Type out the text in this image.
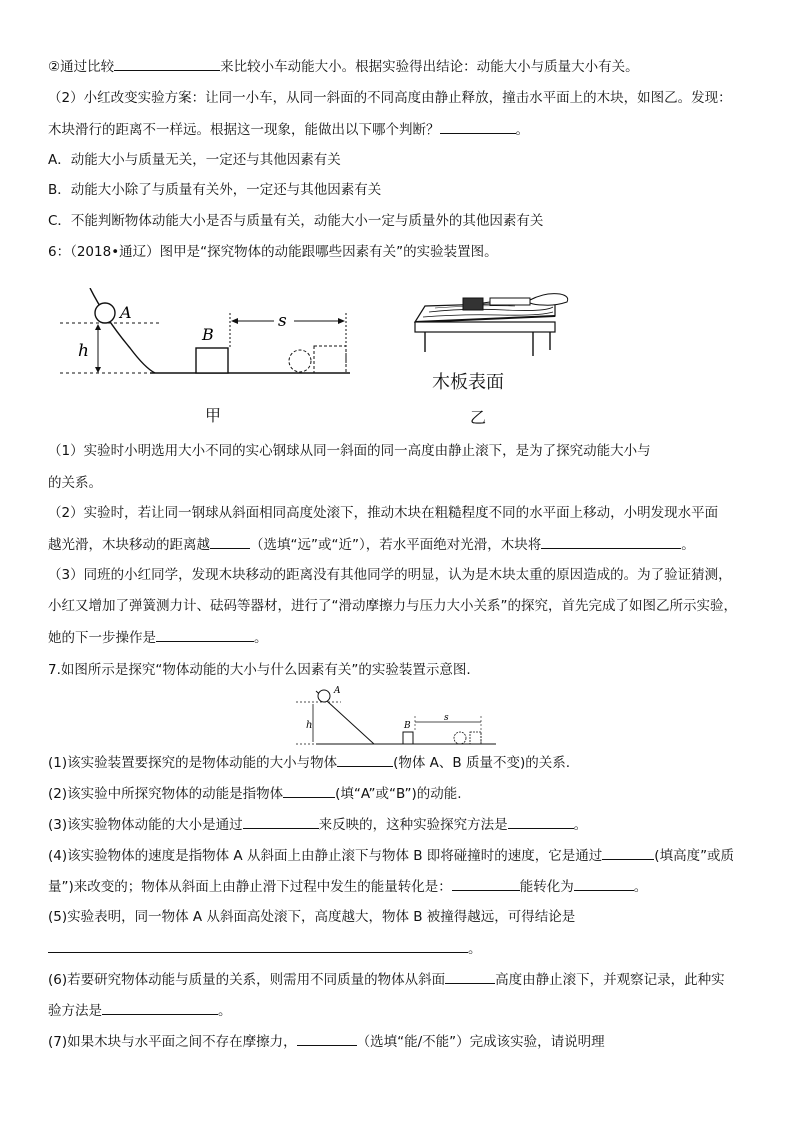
②通过比较	来比较小车动能大小。根据实验得出结论：动能大小与质量大小有关。
（2）小红改变实验方案：让同一小车，从同一斜面的不同高度由静止释放，撞击水平面上的木块，如图乙。发现：
木块滑行的距离不一样远。根据这一现象，能做出以下哪个判断？	。
A．动能大小与质量无关，一定还与其他因素有关
B．动能大小除了与质量有关外，一定还与其他因素有关
C．不能判断物体动能大小是否与质量有关，动能大小一定与质量外的其他因素有关
6：（2018•通辽）图甲是“探究物体的动能跟哪些因素有关”的实验装置图。
A
h
B
s
甲
木板表面
乙
（1）实验时小明选用大小不同的实心钢球从同一斜面的同一高度由静止滚下，是为了探究动能大小与
的关系。
（2）实验时，若让同一钢球从斜面相同高度处滚下，推动木块在粗糙程度不同的水平面上移动，小明发现水平面
越光滑，木块移动的距离越	（选填“远”或“近”），若水平面绝对光滑，木块将	。
（3）同班的小红同学，发现木块移动的距离没有其他同学的明显，认为是木块太重的原因造成的。为了验证猜测，
小红又增加了弹簧测力计、砝码等器材，进行了“滑动摩擦力与压力大小关系”的探究，首先完成了如图乙所示实验，
她的下一步操作是	。
7.如图所示是探究“物体动能的大小与什么因素有关”的实验装置示意图.
A
h	B
s
(1)该实验装置要探究的是物体动能的大小与物体	(物体 A、B 质量不变)的关系.
(2)该实验中所探究物体的动能是指物体	(填“A”或“B”)的动能.
(3)该实验物体动能的大小是通过	来反映的，这种实验探究方法是	。
(4)该实验物体的速度是指物体 A 从斜面上由静止滚下与物体 B 即将碰撞时的速度，它是通过	(填高度”或质
量”)来改变的；物体从斜面上由静止滑下过程中发生的能量转化是：	能转化为	。
(5)实验表明，同一物体 A 从斜面高处滚下，高度越大，物体 B 被撞得越远，可得结论是
。
(6)若要研究物体动能与质量的关系，则需用不同质量的物体从斜面	高度由静止滚下，并观察记录，此种实
验方法是	。
(7)如果木块与水平面之间不存在摩擦力，	（选填“能/不能”）完成该实验，请说明理
